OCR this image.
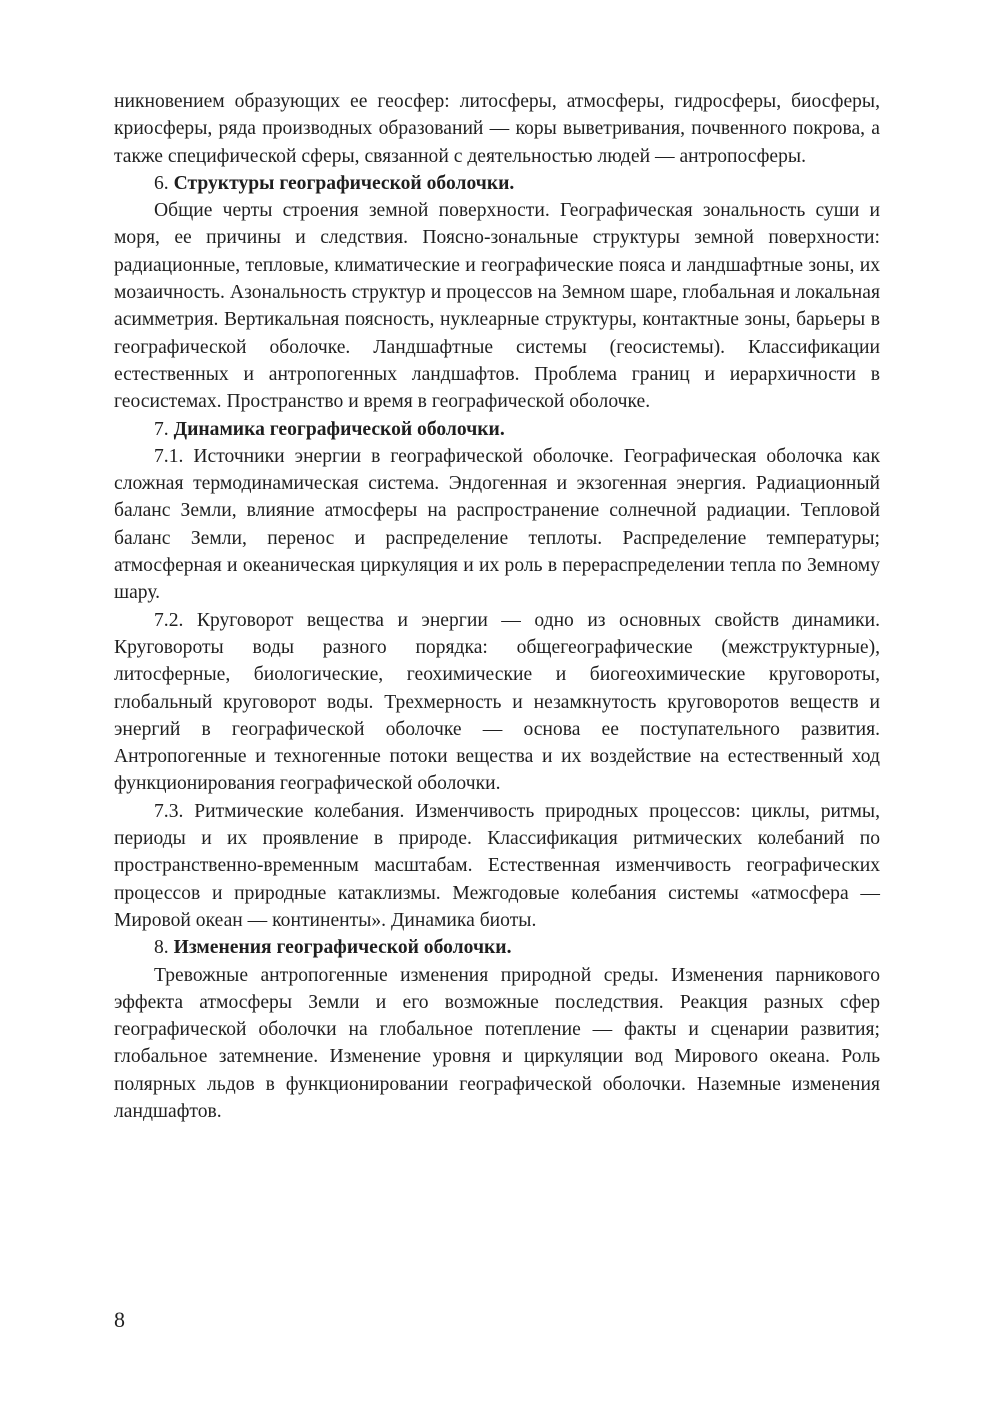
никновением образующих ее геосфер: литосферы, атмосферы, гидросферы, биосферы, криосферы, ряда производных образований — коры выветривания, почвенного покрова, а также специфической сферы, связанной с деятельностью людей — антропосферы.

6. Структуры географической оболочки.

Общие черты строения земной поверхности. Географическая зональность суши и моря, ее причины и следствия. Поясно-зональные структуры земной поверхности: радиационные, тепловые, климатические и географические пояса и ландшафтные зоны, их мозаичность. Азональность структур и процессов на Земном шаре, глобальная и локальная асимметрия. Вертикальная поясность, нуклеарные структуры, контактные зоны, барьеры в географической оболочке. Ландшафтные системы (геосистемы). Классификации естественных и антропогенных ландшафтов. Проблема границ и иерархичности в геосистемах. Пространство и время в географической оболочке.

7. Динамика географической оболочки.

7.1. Источники энергии в географической оболочке. Географическая оболочка как сложная термодинамическая система. Эндогенная и экзогенная энергия. Радиационный баланс Земли, влияние атмосферы на распространение солнечной радиации. Тепловой баланс Земли, перенос и распределение теплоты. Распределение температуры; атмосферная и океаническая циркуляция и их роль в перераспределении тепла по Земному шару.

7.2. Круговорот вещества и энергии — одно из основных свойств динамики. Круговороты воды разного порядка: общегеографические (межструктурные), литосферные, биологические, геохимические и биогеохимические круговороты, глобальный круговорот воды. Трехмерность и незамкнутость круговоротов веществ и энергий в географической оболочке — основа ее поступательного развития. Антропогенные и техногенные потоки вещества и их воздействие на естественный ход функционирования географической оболочки.

7.3. Ритмические колебания. Изменчивость природных процессов: циклы, ритмы, периоды и их проявление в природе. Классификация ритмических колебаний по пространственно-временным масштабам. Естественная изменчивость географических процессов и природные катаклизмы. Межгодовые колебания системы «атмосфера — Мировой океан — континенты». Динамика биоты.

8. Изменения географической оболочки.

Тревожные антропогенные изменения природной среды. Изменения парникового эффекта атмосферы Земли и его возможные последствия. Реакция разных сфер географической оболочки на глобальное потепление — факты и сценарии развития; глобальное затемнение. Изменение уровня и циркуляции вод Мирового океана. Роль полярных льдов в функционировании географической оболочки. Наземные изменения ландшафтов.

8
